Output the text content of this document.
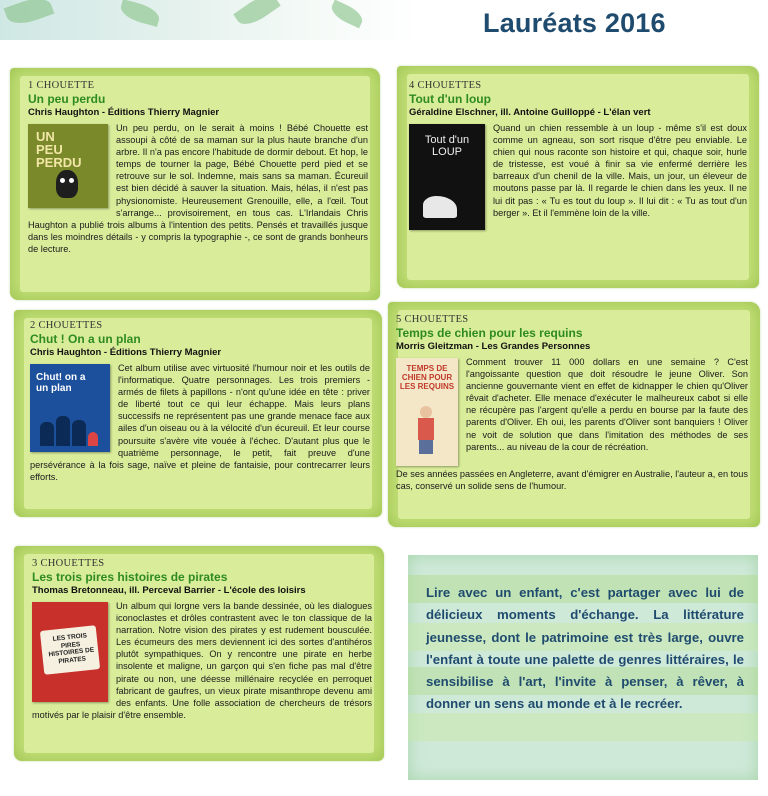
Lauréats 2016
1 CHOUETTE
Un peu perdu
Chris Haughton - Éditions Thierry Magnier
UN PEU PERDU

Un peu perdu, on le serait à moins ! Bébé Chouette est assoupi à côté de sa maman sur la plus haute branche d'un arbre. Il n'a pas encore l'habitude de dormir debout. Et hop, le temps de tourner la page, Bébé Chouette perd pied et se retrouve sur le sol. Indemne, mais sans sa maman. Écureuil est bien décidé à sauver la situation. Mais, hélas, il n'est pas physionomiste. Heureusement Grenouille, elle, a l'œil. Tout s'arrange... provisoirement, en tous cas. L'Irlandais Chris Haughton a publié trois albums à l'intention des petits. Pensés et travaillés jusque dans les moindres détails - y compris la typographie -, ce sont de grands bonheurs de lecture.

4 CHOUETTES
Tout d'un loup
Géraldine Elschner, ill. Antoine Guilloppé - L'élan vert
Tout d'un LOUP

Quand un chien ressemble à un loup - même s'il est doux comme un agneau, son sort risque d'être peu enviable. Le chien qui nous raconte son histoire et qui, chaque soir, hurle de tristesse, est voué à finir sa vie enfermé derrière les barreaux d'un chenil de la ville. Mais, un jour, un éleveur de moutons passe par là. Il regarde le chien dans les yeux. Il ne lui dit pas : « Tu es tout du loup ». Il lui dit : « Tu as tout d'un berger ». Et il l'emmène loin de la ville.

2 CHOUETTES
Chut ! On a un plan
Chris Haughton - Éditions Thierry Magnier
Chut! on a un plan

Cet album utilise avec virtuosité l'humour noir et les outils de l'informatique. Quatre personnages. Les trois premiers - armés de filets à papillons - n'ont qu'une idée en tête : priver de liberté tout ce qui leur échappe. Mais leurs plans successifs ne représentent pas une grande menace face aux ailes d'un oiseau ou à la vélocité d'un écureuil. Et leur course poursuite s'avère vite vouée à l'échec. D'autant plus que le quatrième personnage, le petit, fait preuve d'une persévérance à la fois sage, naïve et pleine de fantaisie, pour contrecarrer leurs efforts.

5 CHOUETTES
Temps de chien pour les requins
Morris Gleitzman - Les Grandes Personnes
TEMPS DE CHIEN POUR LES REQUINS

Comment trouver 11 000 dollars en une semaine ? C'est l'angoissante question que doit résoudre le jeune Oliver. Son ancienne gouvernante vient en effet de kidnapper le chien qu'Oliver rêvait d'acheter. Elle menace d'exécuter le malheureux cabot si elle ne récupère pas l'argent qu'elle a perdu en bourse par la faute des parents d'Oliver. Eh oui, les parents d'Oliver sont banquiers ! Oliver ne voit de solution que dans l'imitation des méthodes de ses parents... au niveau de la cour de récréation.

De ses années passées en Angleterre, avant d'émigrer en Australie, l'auteur a, en tous cas, conservé un solide sens de l'humour.

3 CHOUETTES
Les trois pires histoires de pirates
Thomas Bretonneau, ill. Perceval Barrier - L'école des loisirs
LES TROIS PIRES HISTOIRES DE PIRATES

Un album qui lorgne vers la bande dessinée, où les dialogues iconoclastes et drôles contrastent avec le ton classique de la narration. Notre vision des pirates y est rudement bousculée. Les écumeurs des mers deviennent ici des sortes d'antihéros plutôt sympathiques. On y rencontre une pirate en herbe insolente et maligne, un garçon qui s'en fiche pas mal d'être pirate ou non, une déesse millénaire recyclée en perroquet fabricant de gaufres, un vieux pirate misanthrope devenu ami des enfants. Une folle association de chercheurs de trésors motivés par le plaisir d'être ensemble.

Lire avec un enfant, c'est partager avec lui de délicieux moments d'échange. La littérature jeunesse, dont le patrimoine est très large, ouvre l'enfant à toute une palette de genres littéraires, le sensibilise à l'art, l'invite à penser, à rêver, à donner un sens au monde et à le recréer.
